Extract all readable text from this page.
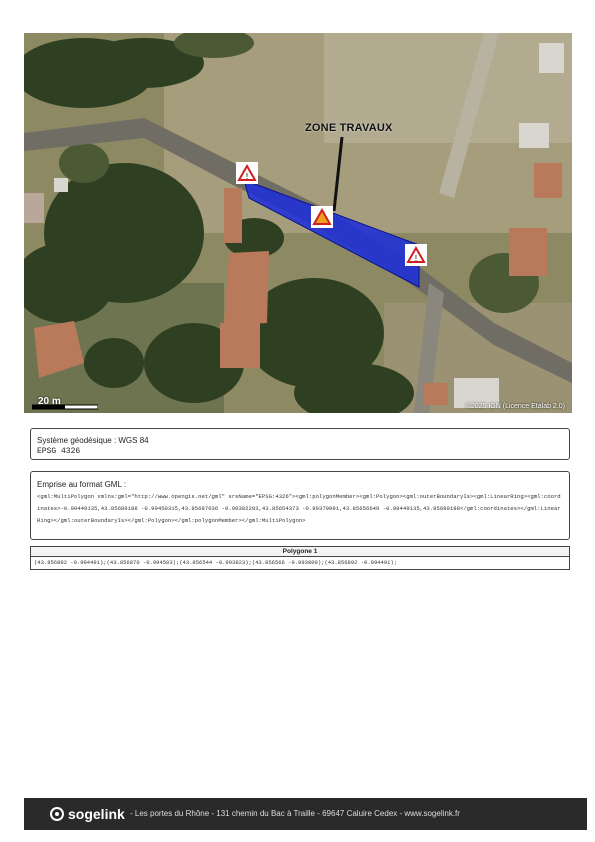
!
!
ZONE TRAVAUX
20 m	©2025 IGN (Licence Etalab 2.0)
Système géodésique : WGS 84
EPSG 4326
Emprise au format GML :
<gml:MultiPolygon xmlns:gml="http://www.opengis.net/gml" srsName="EPSG:4326"><gml:polygonMember><gml:Polygon><gml:outerBoundaryIs><gml:LinearRing><gml:coordinates>-0.99449135,43.85689188 -0.99450315,43.85687036 -0.99382293,43.85654373 -0.99379991,43.85656649 -0.99449135,43.85689188</gml:coordinates></gml:LinearRing></gml:outerBoundaryIs></gml:Polygon></gml:polygonMember></gml:MultiPolygon>
Polygone 1
(43.856892 -0.994491);(43.856870 -0.994503);(43.856544 -0.993823);(43.856566 -0.993800);(43.856892 -0.994491);
sogelink - Les portes du Rhône - 131 chemin du Bac à Traille - 69647 Caluire Cedex - www.sogelink.fr
